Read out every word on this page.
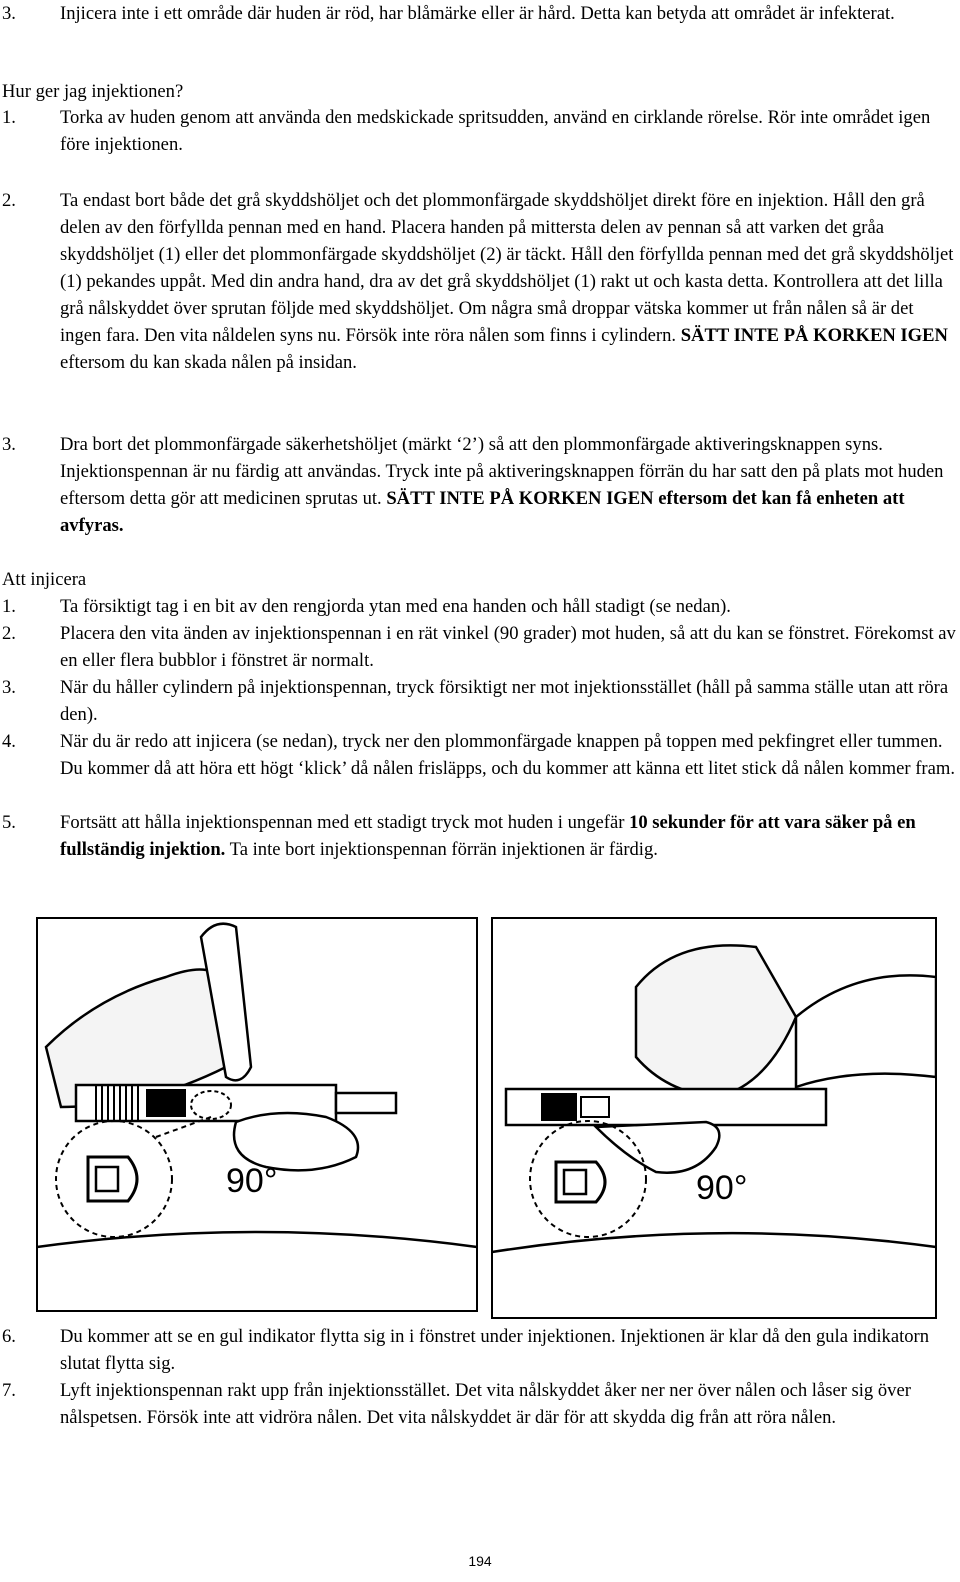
3. Injicera inte i ett område där huden är röd, har blåmärke eller är hård. Detta kan betyda att området är infekterat.
Hur ger jag injektionen?
1. Torka av huden genom att använda den medskickade spritsudden, använd en cirklande rörelse. Rör inte området igen före injektionen.
2. Ta endast bort både det grå skyddshöljet och det plommonfärgade skyddshöljet direkt före en injektion. Håll den grå delen av den förfyllda pennan med en hand. Placera handen på mittersta delen av pennan så att varken det gråa skyddshöljet (1) eller det plommonfärgade skyddshöljet (2) är täckt. Håll den förfyllda pennan med det grå skyddshöljet (1) pekandes uppåt. Med din andra hand, dra av det grå skyddshöljet (1) rakt ut och kasta detta. Kontrollera att det lilla grå nålskyddet över sprutan följde med skyddshöljet. Om några små droppar vätska kommer ut från nålen så är det ingen fara. Den vita nåldelen syns nu. Försök inte röra nålen som finns i cylindern. SÄTT INTE PÅ KORKEN IGEN eftersom du kan skada nålen på insidan.
3. Dra bort det plommonfärgade säkerhetshöljet (märkt ‘2’) så att den plommonfärgade aktiveringsknappen syns. Injektionspennan är nu färdig att användas. Tryck inte på aktiveringsknappen förrän du har satt den på plats mot huden eftersom detta gör att medicinen sprutas ut. SÄTT INTE PÅ KORKEN IGEN eftersom det kan få enheten att avfyras.
Att injicera
1. Ta försiktigt tag i en bit av den rengjorda ytan med ena handen och håll stadigt (se nedan).
2. Placera den vita änden av injektionspennan i en rät vinkel (90 grader) mot huden, så att du kan se fönstret. Förekomst av en eller flera bubblor i fönstret är normalt.
3. När du håller cylindern på injektionspennan, tryck försiktigt ner mot injektionsstället (håll på samma ställe utan att röra den).
4. När du är redo att injicera (se nedan), tryck ner den plommonfärgade knappen på toppen med pekfingret eller tummen. Du kommer då att höra ett högt ‘klick’ då nålen frisläpps, och du kommer att känna ett litet stick då nålen kommer fram.
5. Fortsätt att hålla injektionspennan med ett stadigt tryck mot huden i ungefär 10 sekunder för att vara säker på en fullständig injektion. Ta inte bort injektionspennan förrän injektionen är färdig.
90°	90°
6. Du kommer att se en gul indikator flytta sig in i fönstret under injektionen. Injektionen är klar då den gula indikatorn slutat flytta sig.
7. Lyft injektionspennan rakt upp från injektionsstället. Det vita nålskyddet åker ner ner över nålen och låser sig över nålspetsen. Försök inte att vidröra nålen. Det vita nålskyddet är där för att skydda dig från att röra nålen.
194
